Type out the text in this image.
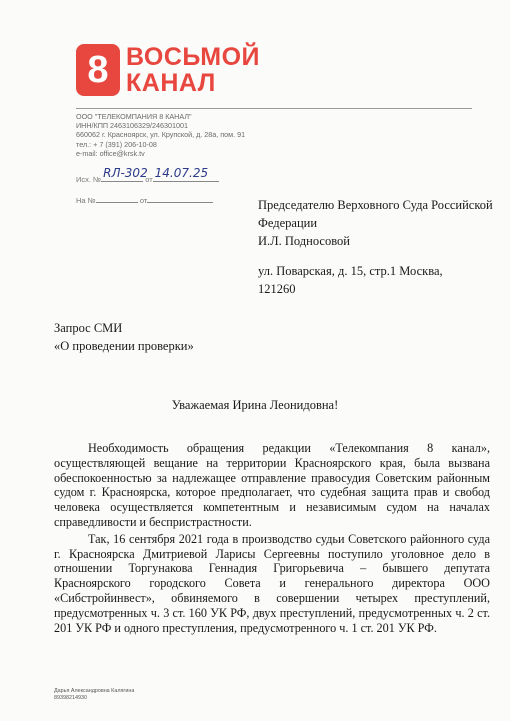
8 ВОСЬМОЙ
КАНАЛ
ООО "ТЕЛЕКОМПАНИЯ 8 КАНАЛ"
ИНН/КПП 2463106329/246301001
660062 г. Красноярск, ул. Крупской, д. 28а, пом. 91
тел.: + 7 (391) 206-10-08
e-mail: office@krsk.tv
Исх. № RЛ-302
от 14.07.25
На №	от	Председателю Верховного Суда Российской
Федерации
И.Л. Подносовой
ул. Поварская, д. 15, стр.1 Москва,
121260
Запрос СМИ
«О проведении проверки»
Уважаемая Ирина Леонидовна!

Необходимость обращения редакции «Телекомпания 8 канал», осуществляющей вещание на территории Красноярского края, была вызвана обеспокоенностью за надлежащее отправление правосудия Советским районным судом г. Красноярска, которое предполагает, что судебная защита прав и свобод человека осуществляется компетентным и независимым судом на началах справедливости и беспристрастности.

Так, 16 сентября 2021 года в производство судьи Советского районного суда г. Красноярска Дмитриевой Ларисы Сергеевны поступило уголовное дело в отношении Торгунакова Геннадия Григорьевича – бывшего депутата Красноярского городского Совета и генерального директора ООО «Сибстройинвест», обвиняемого в совершении четырех преступлений, предусмотренных ч. 3 ст. 160 УК РФ, двух преступлений, предусмотренных ч. 2 ст. 201 УК РФ и одного преступления, предусмотренного ч. 1 ст. 201 УК РФ.

Дарья Александровна Калягина
89398214930
